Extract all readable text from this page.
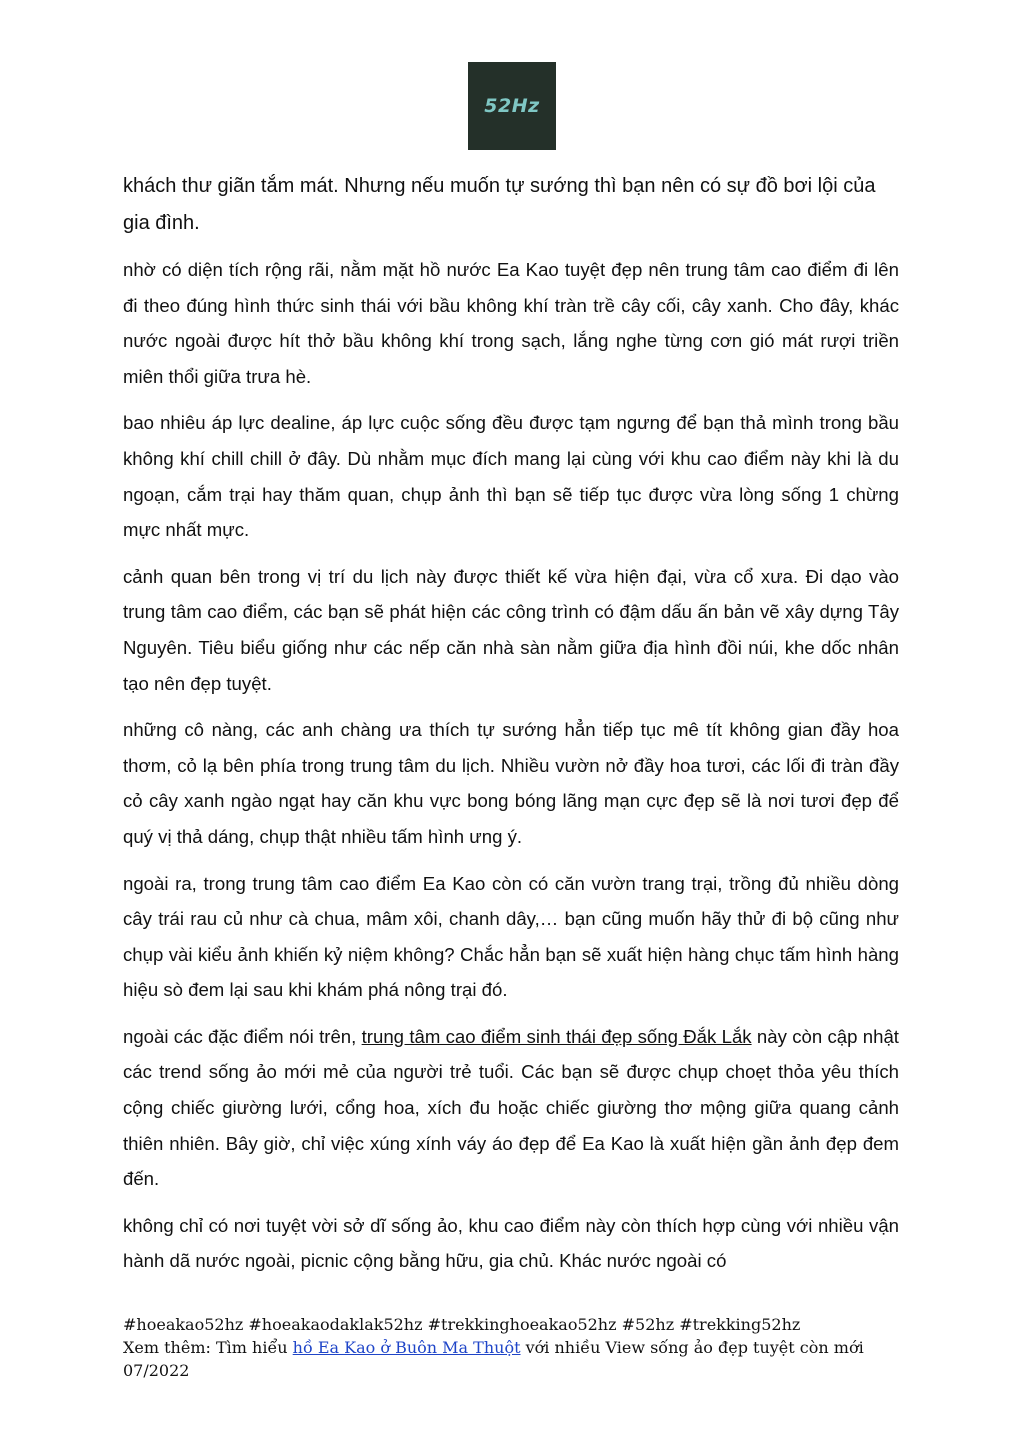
52Hz

khách thư giãn tắm mát. Nhưng nếu muốn tự sướng thì bạn nên có sự đồ bơi lội của gia đình.

nhờ có diện tích rộng rãi, nằm mặt hồ nước Ea Kao tuyệt đẹp nên trung tâm cao điểm đi lên đi theo đúng hình thức sinh thái với bầu không khí tràn trề cây cối, cây xanh. Cho đây, khác nước ngoài được hít thở bầu không khí trong sạch, lắng nghe từng cơn gió mát rượi triền miên thổi giữa trưa hè.

bao nhiêu áp lực dealine, áp lực cuộc sống đều được tạm ngưng để bạn thả mình trong bầu không khí chill chill ở đây. Dù nhằm mục đích mang lại cùng với khu cao điểm này khi là du ngoạn, cắm trại hay thăm quan, chụp ảnh thì bạn sẽ tiếp tục được vừa lòng sống 1 chừng mực nhất mực.

cảnh quan bên trong vị trí du lịch này được thiết kế vừa hiện đại, vừa cổ xưa. Đi dạo vào trung tâm cao điểm, các bạn sẽ phát hiện các công trình có đậm dấu ấn bản vẽ xây dựng Tây Nguyên. Tiêu biểu giống như các nếp căn nhà sàn nằm giữa địa hình đồi núi, khe dốc nhân tạo nên đẹp tuyệt.

những cô nàng, các anh chàng ưa thích tự sướng hẳn tiếp tục mê tít không gian đầy hoa thơm, cỏ lạ bên phía trong trung tâm du lịch. Nhiều vườn nở đầy hoa tươi, các lối đi tràn đầy cỏ cây xanh ngào ngạt hay căn khu vực bong bóng lãng mạn cực đẹp sẽ là nơi tươi đẹp để quý vị thả dáng, chụp thật nhiều tấm hình ưng ý.

ngoài ra, trong trung tâm cao điểm Ea Kao còn có căn vườn trang trại, trồng đủ nhiều dòng cây trái rau củ như cà chua, mâm xôi, chanh dây,… bạn cũng muốn hãy thử đi bộ cũng như chụp vài kiểu ảnh khiến kỷ niệm không? Chắc hẳn bạn sẽ xuất hiện hàng chục tấm hình hàng hiệu sò đem lại sau khi khám phá nông trại đó.

ngoài các đặc điểm nói trên, trung tâm cao điểm sinh thái đẹp sống Đắk Lắk này còn cập nhật các trend sống ảo mới mẻ của người trẻ tuổi. Các bạn sẽ được chụp choẹt thỏa yêu thích cộng chiếc giường lưới, cổng hoa, xích đu hoặc chiếc giường thơ mộng giữa quang cảnh thiên nhiên. Bây giờ, chỉ việc xúng xính váy áo đẹp để Ea Kao là xuất hiện gần ảnh đẹp đem đến.

không chỉ có nơi tuyệt vời sở dĩ sống ảo, khu cao điểm này còn thích hợp cùng với nhiều vận hành dã nước ngoài, picnic cộng bằng hữu, gia chủ. Khác nước ngoài có

#hoeakao52hz #hoeakaodaklak52hz #trekkinghoeakao52hz #52hz #trekking52hz
Xem thêm: Tìm hiểu hồ Ea Kao ở Buôn Ma Thuột với nhiều View sống ảo đẹp tuyệt còn mới 07/2022
